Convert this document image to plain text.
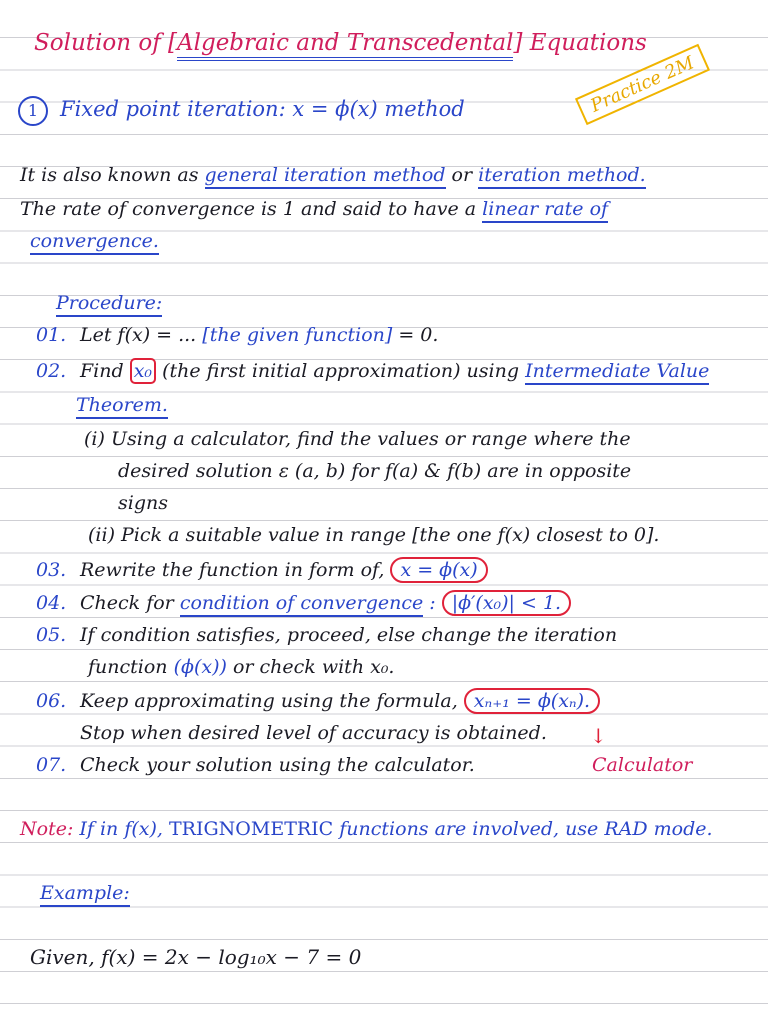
Solution of [Algebraic and Transcedental] Equations
Practice 2M
1 Fixed point iteration: x = ϕ(x) method
It is also known as general iteration method or iteration method.
The rate of convergence is 1 and said to have a linear rate of
convergence.
Procedure:
01. Let f(x) = ... [the given function] = 0.
02. Find x₀ (the first initial approximation) using Intermediate Value
Theorem.
(i) Using a calculator, find the values or range where the
desired solution ε (a, b) for f(a) & f(b) are in opposite
signs
(ii) Pick a suitable value in range [the one f(x) closest to 0].
03. Rewrite the function in form of, x = ϕ(x)
04. Check for condition of convergence : |ϕ′(x₀)| < 1.
05. If condition satisfies, proceed, else change the iteration
function (ϕ(x)) or check with x₀.
06. Keep approximating using the formula, xₙ₊₁ = ϕ(xₙ).
Stop when desired level of accuracy is obtained. ↓
07. Check your solution using the calculator.	Calculator
Note: If in f(x), TRIGNOMETRIC functions are involved, use RAD mode.
Example:
Given, f(x) = 2x − log₁₀x − 7 = 0
